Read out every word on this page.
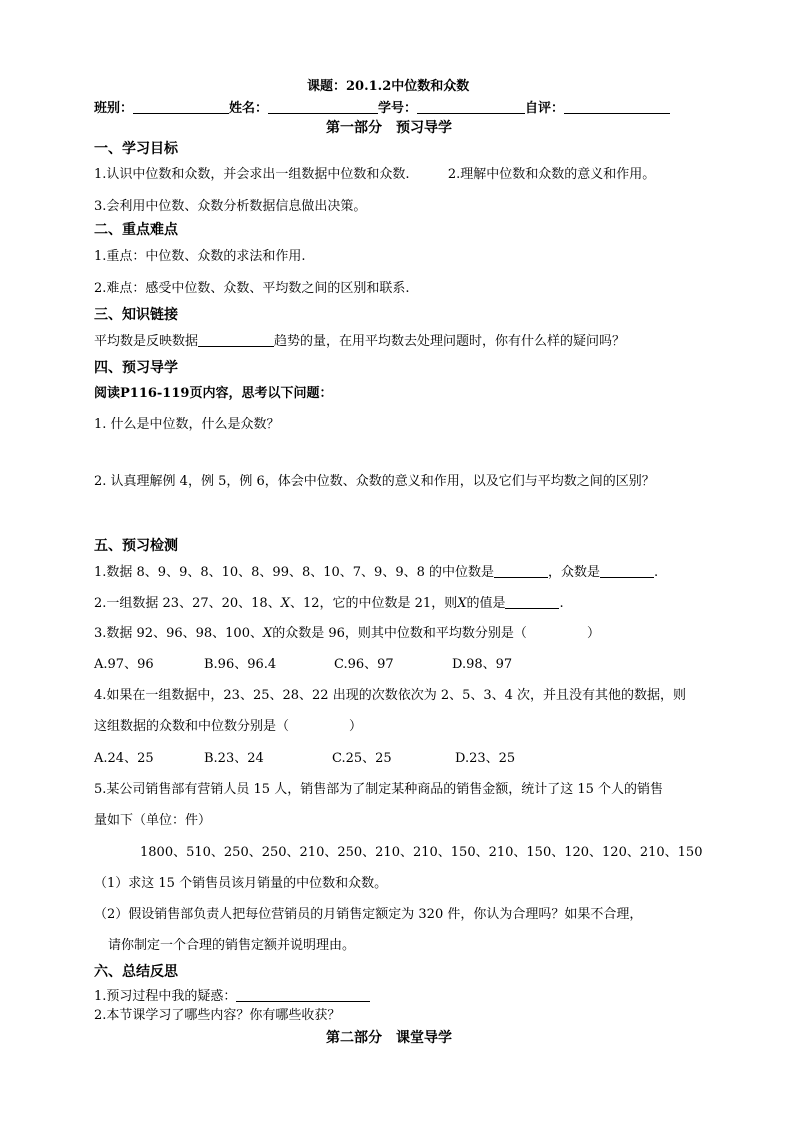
课题：20.1.2中位数和众数
班别：	姓名：	学号：	自评：
第一部分　预习导学
一、学习目标
1.认识中位数和众数，并会求出一组数据中位数和众数.	2.理解中位数和众数的意义和作用。
3.会利用中位数、众数分析数据信息做出决策。
二、重点难点
1.重点：中位数、众数的求法和作用.
2.难点：感受中位数、众数、平均数之间的区别和联系.
三、知识链接
平均数是反映数据	趋势的量，在用平均数去处理问题时，你有什么样的疑问吗？
四、预习导学
阅读P116-119页内容，思考以下问题：
1. 什么是中位数，什么是众数？
2. 认真理解例 4，例 5，例 6，体会中位数、众数的意义和作用，以及它们与平均数之间的区别？
五、预习检测
1.数据 8、9、9、8、10、8、99、8、10、7、9、9、8 的中位数是	，众数是	.
2.一组数据 23、27、20、18、X、12，它的中位数是 21，则X的值是	.
3.数据 92、96、98、100、X的众数是 96，则其中位数和平均数分别是（	）
A.97、96	B.96、96.4	C.96、97	D.98、97
4.如果在一组数据中，23、25、28、22 出现的次数依次为 2、5、3、4 次，并且没有其他的数据，则
这组数据的众数和中位数分别是（	）
A.24、25	B.23、24	C.25、25	D.23、25
5.某公司销售部有营销人员 15 人，销售部为了制定某种商品的销售金额，统计了这 15 个人的销售
量如下（单位：件）
1800、510、250、250、210、250、210、210、150、210、150、120、120、210、150
（1）求这 15 个销售员该月销量的中位数和众数。
（2）假设销售部负责人把每位营销员的月销售定额定为 320 件，你认为合理吗？如果不合理，
请你制定一个合理的销售定额并说明理由。
六、总结反思
1.预习过程中我的疑惑：
2.本节课学习了哪些内容？你有哪些收获？
第二部分　课堂导学
